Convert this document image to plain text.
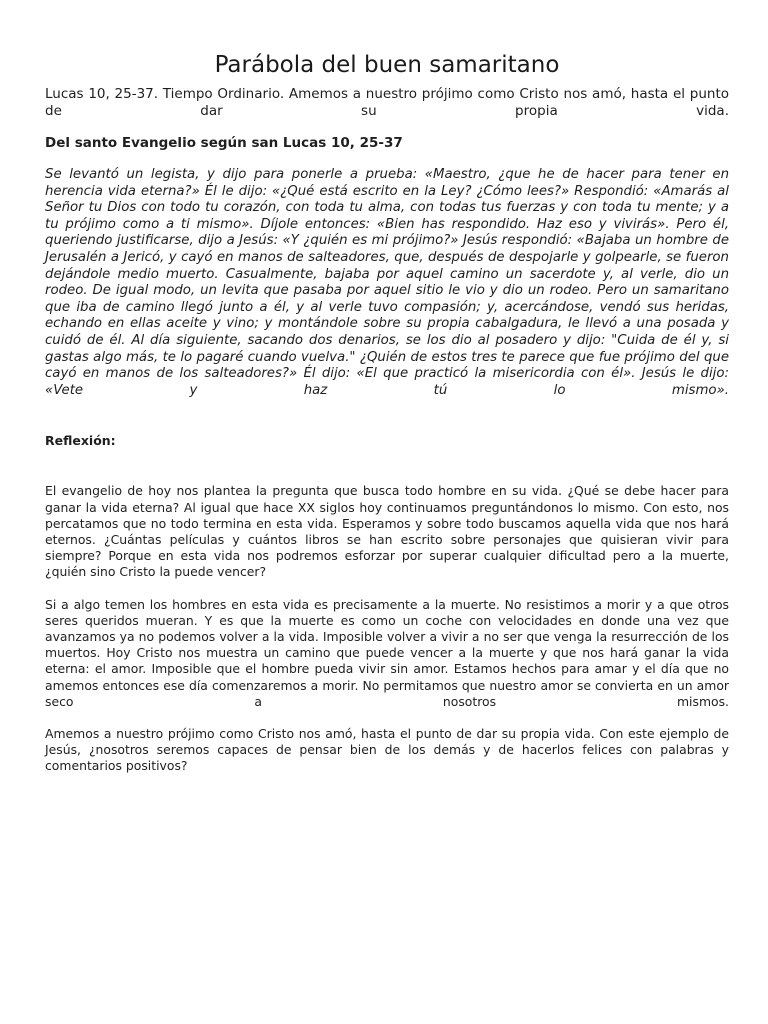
Parábola del buen samaritano

Lucas 10, 25-37. Tiempo Ordinario. Amemos a nuestro prójimo como Cristo nos amó, hasta el punto de dar su propia vida.

Del santo Evangelio según san Lucas 10, 25-37

Se levantó un legista, y dijo para ponerle a prueba: «Maestro, ¿que he de hacer para tener en herencia vida eterna?» Él le dijo: «¿Qué está escrito en la Ley? ¿Cómo lees?» Respondió: «Amarás al Señor tu Dios con todo tu corazón, con toda tu alma, con todas tus fuerzas y con toda tu mente; y a tu prójimo como a ti mismo». Díjole entonces: «Bien has respondido. Haz eso y vivirás». Pero él, queriendo justificarse, dijo a Jesús: «Y ¿quién es mi prójimo?» Jesús respondió: «Bajaba un hombre de Jerusalén a Jericó, y cayó en manos de salteadores, que, después de despojarle y golpearle, se fueron dejándole medio muerto. Casualmente, bajaba por aquel camino un sacerdote y, al verle, dio un rodeo. De igual modo, un levita que pasaba por aquel sitio le vio y dio un rodeo. Pero un samaritano que iba de camino llegó junto a él, y al verle tuvo compasión; y, acercándose, vendó sus heridas, echando en ellas aceite y vino; y montándole sobre su propia cabalgadura, le llevó a una posada y cuidó de él. Al día siguiente, sacando dos denarios, se los dio al posadero y dijo: "Cuida de él y, si gastas algo más, te lo pagaré cuando vuelva." ¿Quién de estos tres te parece que fue prójimo del que cayó en manos de los salteadores?» Él dijo: «El que practicó la misericordia con él». Jesús le dijo: «Vete y haz tú lo mismo».

Reflexión:

El evangelio de hoy nos plantea la pregunta que busca todo hombre en su vida. ¿Qué se debe hacer para ganar la vida eterna? Al igual que hace XX siglos hoy continuamos preguntándonos lo mismo. Con esto, nos percatamos que no todo termina en esta vida. Esperamos y sobre todo buscamos aquella vida que nos hará eternos. ¿Cuántas películas y cuántos libros se han escrito sobre personajes que quisieran vivir para siempre? Porque en esta vida nos podremos esforzar por superar cualquier dificultad pero a la muerte, ¿quién sino Cristo la puede vencer?

Si a algo temen los hombres en esta vida es precisamente a la muerte. No resistimos a morir y a que otros seres queridos mueran. Y es que la muerte es como un coche con velocidades en donde una vez que avanzamos ya no podemos volver a la vida. Imposible volver a vivir a no ser que venga la resurrección de los muertos. Hoy Cristo nos muestra un camino que puede vencer a la muerte y que nos hará ganar la vida eterna: el amor. Imposible que el hombre pueda vivir sin amor. Estamos hechos para amar y el día que no amemos entonces ese día comenzaremos a morir. No permitamos que nuestro amor se convierta en un amor seco a nosotros mismos.

Amemos a nuestro prójimo como Cristo nos amó, hasta el punto de dar su propia vida. Con este ejemplo de Jesús, ¿nosotros seremos capaces de pensar bien de los demás y de hacerlos felices con palabras y comentarios positivos?
